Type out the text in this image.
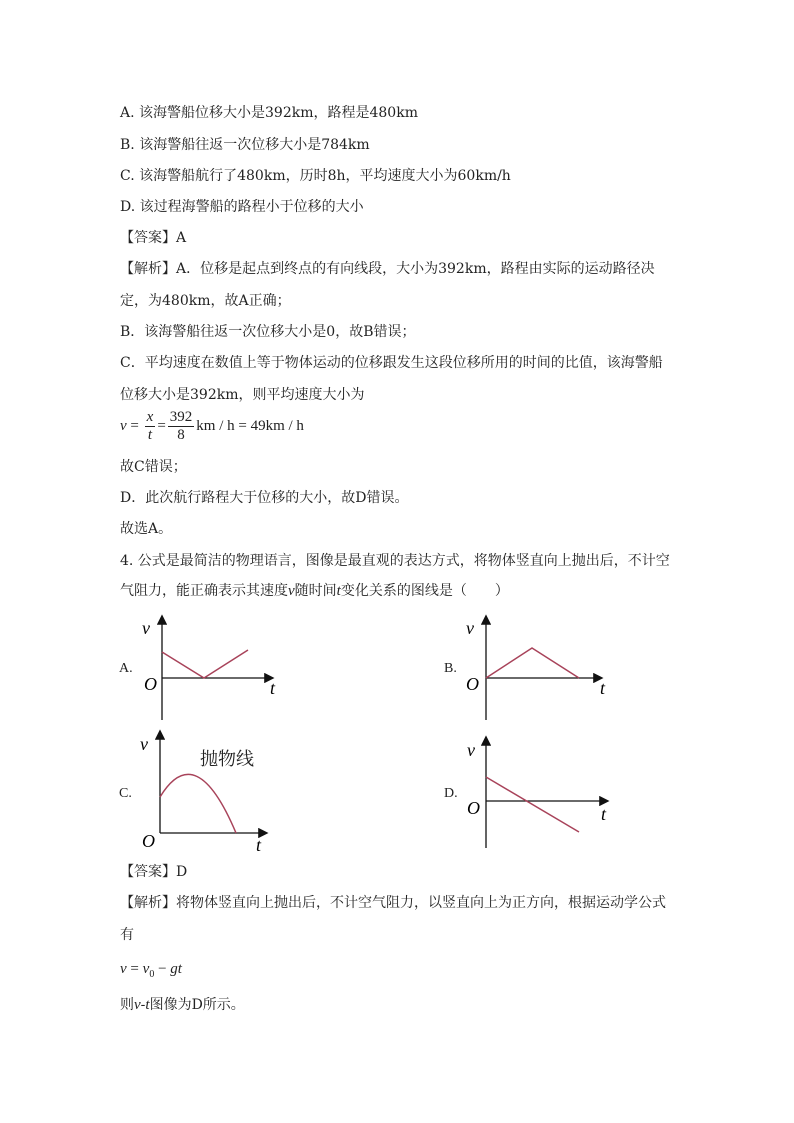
A. 该海警船位移大小是392km，路程是480km
B. 该海警船往返一次位移大小是784km
C. 该海警船航行了480km，历时8h，平均速度大小为60km/h
D. 该过程海警船的路程小于位移的大小
【答案】A
【解析】A．位移是起点到终点的有向线段，大小为392km，路程由实际的运动路径决
定，为480km，故A正确；
B．该海警船往返一次位移大小是0，故B错误；
C．平均速度在数值上等于物体运动的位移跟发生这段位移所用的时间的比值，该海警船
位移大小是392km，则平均速度大小为
$v = \frac{x}{t} = \frac{392}{8}$ km / h = 49km / h
故C错误；
D．此次航行路程大于位移的大小，故D错误。
故选A。
4. 公式是最简洁的物理语言，图像是最直观的表达方式，将物体竖直向上抛出后，不计空
气阻力，能正确表示其速度v随时间t变化关系的图线是（　　）
A.
v
O	t
B.
v
O	t
C.
v
O	t
抛物线
D.
v
O	t
【答案】D
【解析】将物体竖直向上抛出后，不计空气阻力，以竖直向上为正方向，根据运动学公式
有
$v = v_0$ − gt
则v-t图像为D所示。
